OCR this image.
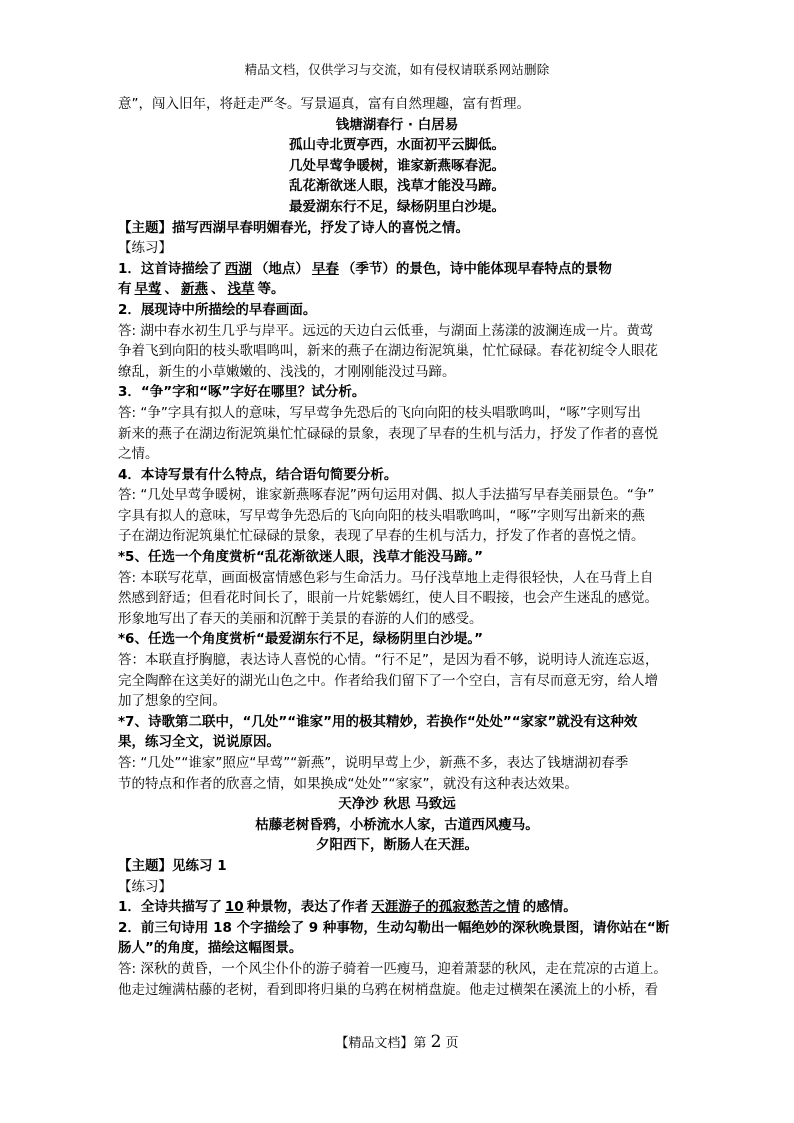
精品文档，仅供学习与交流，如有侵权请联系网站删除

意”，闯入旧年，将赶走严冬。写景逼真，富有自然理趣，富有哲理。

钱塘湖春行 · 白居易

孤山寺北贾亭西，水面初平云脚低。

几处早莺争暖树，谁家新燕啄春泥。

乱花渐欲迷人眼，浅草才能没马蹄。

最爱湖东行不足，绿杨阴里白沙堤。

【主题】描写西湖早春明媚春光，抒发了诗人的喜悦之情。

【练习】

1．这首诗描绘了 西湖 （地点） 早春 （季节）的景色，诗中能体现早春特点的景物

有 早莺 、 新燕 、 浅草 等。

2．展现诗中所描绘的早春画面。

答: 湖中春水初生几乎与岸平。远远的天边白云低垂，与湖面上荡漾的波澜连成一片。黄莺

争着飞到向阳的枝头歌唱鸣叫，新来的燕子在湖边衔泥筑巢，忙忙碌碌。春花初绽令人眼花

缭乱，新生的小草嫩嫩的、浅浅的，才刚刚能没过马蹄。

3．“争”字和“啄”字好在哪里？试分析。

答: “争”字具有拟人的意味，写早莺争先恐后的飞向向阳的枝头唱歌鸣叫，“啄”字则写出

新来的燕子在湖边衔泥筑巢忙忙碌碌的景象，表现了早春的生机与活力，抒发了作者的喜悦

之情。

4．本诗写景有什么特点，结合语句简要分析。

答: “几处早莺争暖树，谁家新燕啄春泥”两句运用对偶、拟人手法描写早春美丽景色。“争”

字具有拟人的意味，写早莺争先恐后的飞向向阳的枝头唱歌鸣叫，“啄”字则写出新来的燕

子在湖边衔泥筑巢忙忙碌碌的景象，表现了早春的生机与活力，抒发了作者的喜悦之情。

*5、任选一个角度赏析“乱花渐欲迷人眼，浅草才能没马蹄。”

答: 本联写花草，画面极富情感色彩与生命活力。马仔浅草地上走得很轻快，人在马背上自

然感到舒适；但看花时间长了，眼前一片姹紫嫣红，使人目不暇接，也会产生迷乱的感觉。

形象地写出了春天的美丽和沉醉于美景的春游的人们的感受。

*6、任选一个角度赏析“最爱湖东行不足，绿杨阴里白沙堤。”

答：本联直抒胸臆，表达诗人喜悦的心情。“行不足”，是因为看不够，说明诗人流连忘返，

完全陶醉在这美好的湖光山色之中。作者给我们留下了一个空白，言有尽而意无穷，给人增

加了想象的空间。

*7、诗歌第二联中，“几处”“谁家”用的极其精妙，若换作“处处”“家家”就没有这种效

果，练习全文，说说原因。

答: “几处”“谁家”照应“早莺”“新燕”，说明早莺上少，新燕不多，表达了钱塘湖初春季

节的特点和作者的欣喜之情，如果换成“处处”“家家”，就没有这种表达效果。

天净沙 秋思 马致远

枯藤老树昏鸦，小桥流水人家，古道西风瘦马。

夕阳西下，断肠人在天涯。

【主题】见练习 1

【练习】

1．全诗共描写了 10 种景物，表达了作者 天涯游子的孤寂愁苦之情 的感情。

2．前三句诗用 18 个字描绘了 9 种事物，生动勾勒出一幅绝妙的深秋晚景图，请你站在“断

肠人”的角度，描绘这幅图景。

答: 深秋的黄昏，一个风尘仆仆的游子骑着一匹瘦马，迎着萧瑟的秋风，走在荒凉的古道上。

他走过缠满枯藤的老树，看到即将归巢的乌鸦在树梢盘旋。他走过横架在溪流上的小桥，看

【精品文档】第 2 页
